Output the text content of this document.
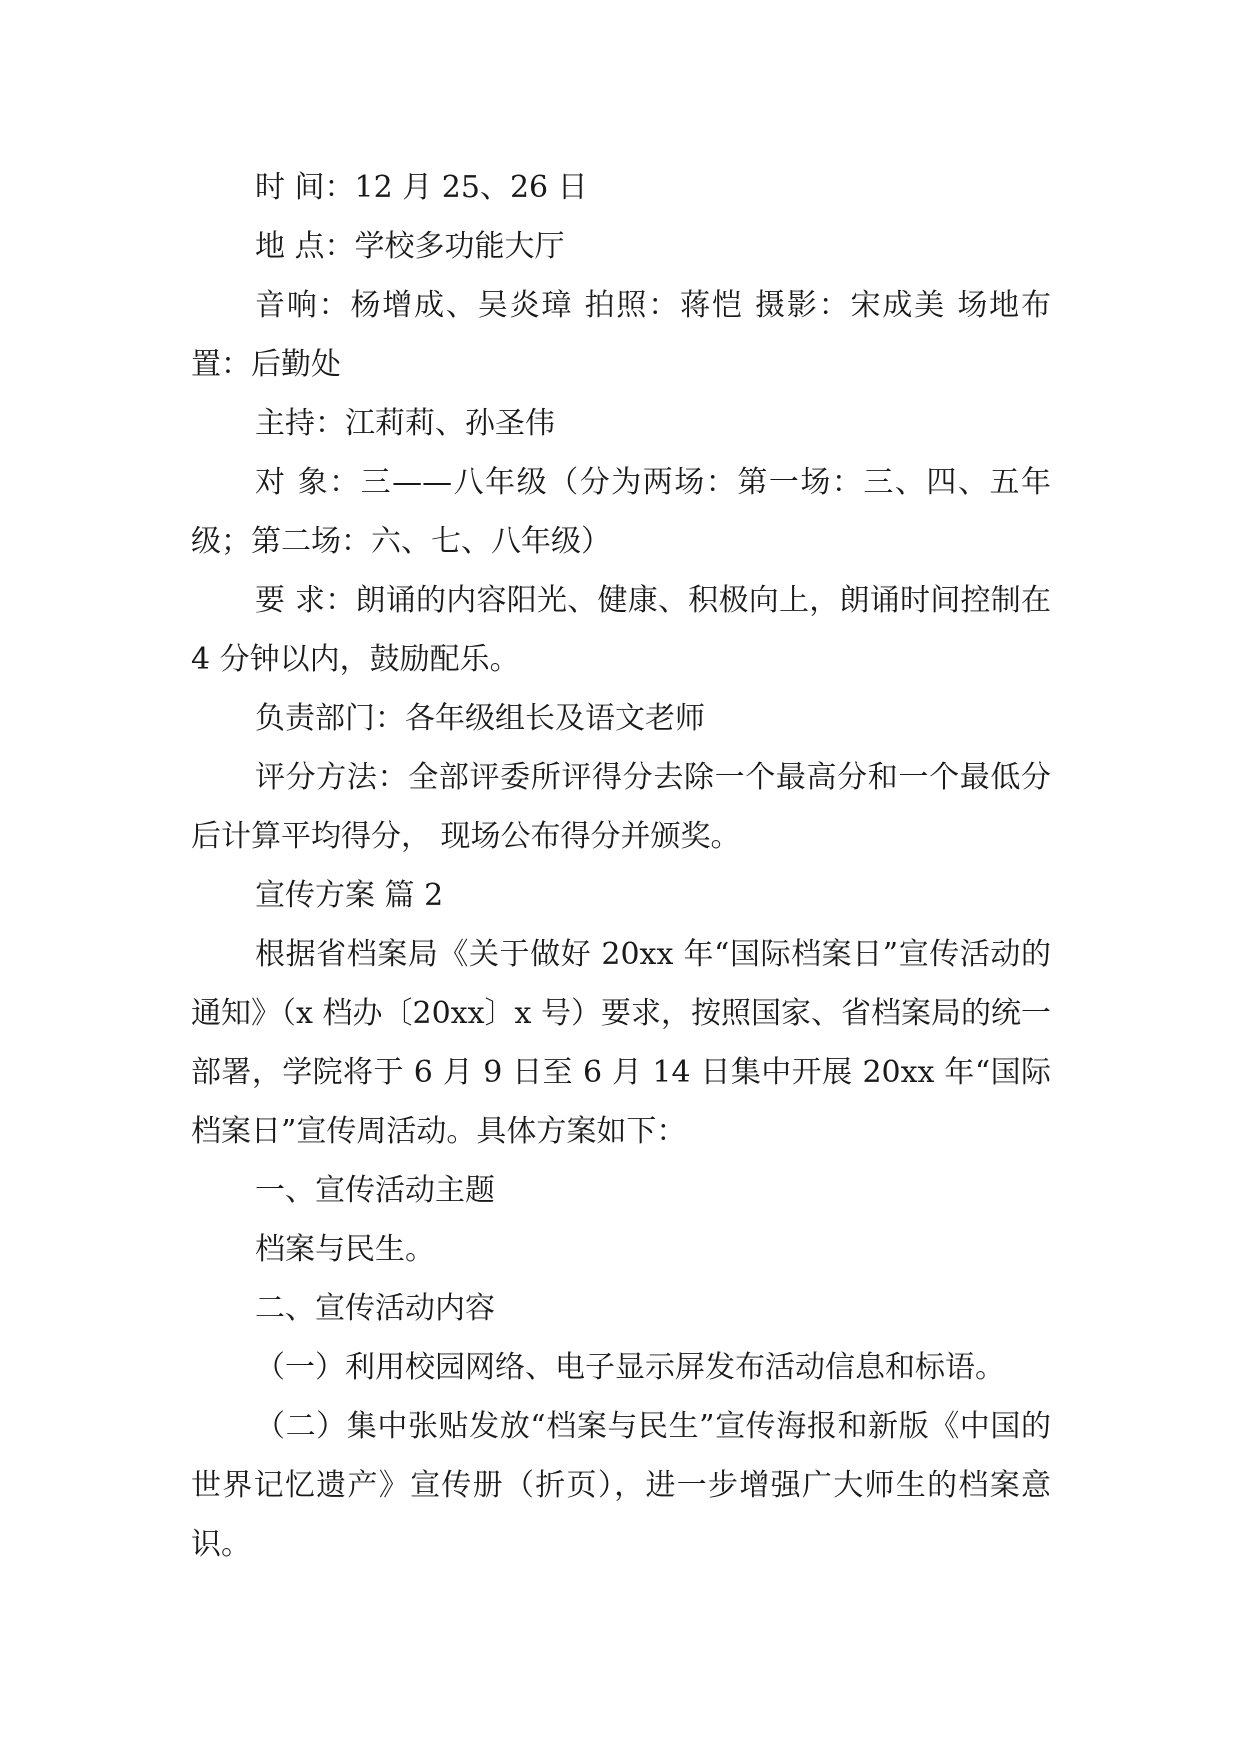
时 间：12 月 25、26 日

地 点：学校多功能大厅

音响：杨增成、吴炎璋 拍照：蒋恺 摄影：宋成美 场地布置：后勤处

主持：江莉莉、孙圣伟

对 象：三——八年级（分为两场：第一场：三、四、五年级；第二场：六、七、八年级）

要 求：朗诵的内容阳光、健康、积极向上，朗诵时间控制在 4 分钟以内，鼓励配乐。

负责部门：各年级组长及语文老师

评分方法：全部评委所评得分去除一个最高分和一个最低分后计算平均得分， 现场公布得分并颁奖。

宣传方案 篇 2

根据省档案局《关于做好 20xx 年“国际档案日”宣传活动的通知》（x 档办〔20xx〕x 号）要求，按照国家、省档案局的统一部署，学院将于 6 月 9 日至 6 月 14 日集中开展 20xx 年“国际档案日”宣传周活动。具体方案如下：

一、宣传活动主题

档案与民生。

二、宣传活动内容

（一）利用校园网络、电子显示屏发布活动信息和标语。

（二）集中张贴发放“档案与民生”宣传海报和新版《中国的世界记忆遗产》宣传册（折页），进一步增强广大师生的档案意识。
